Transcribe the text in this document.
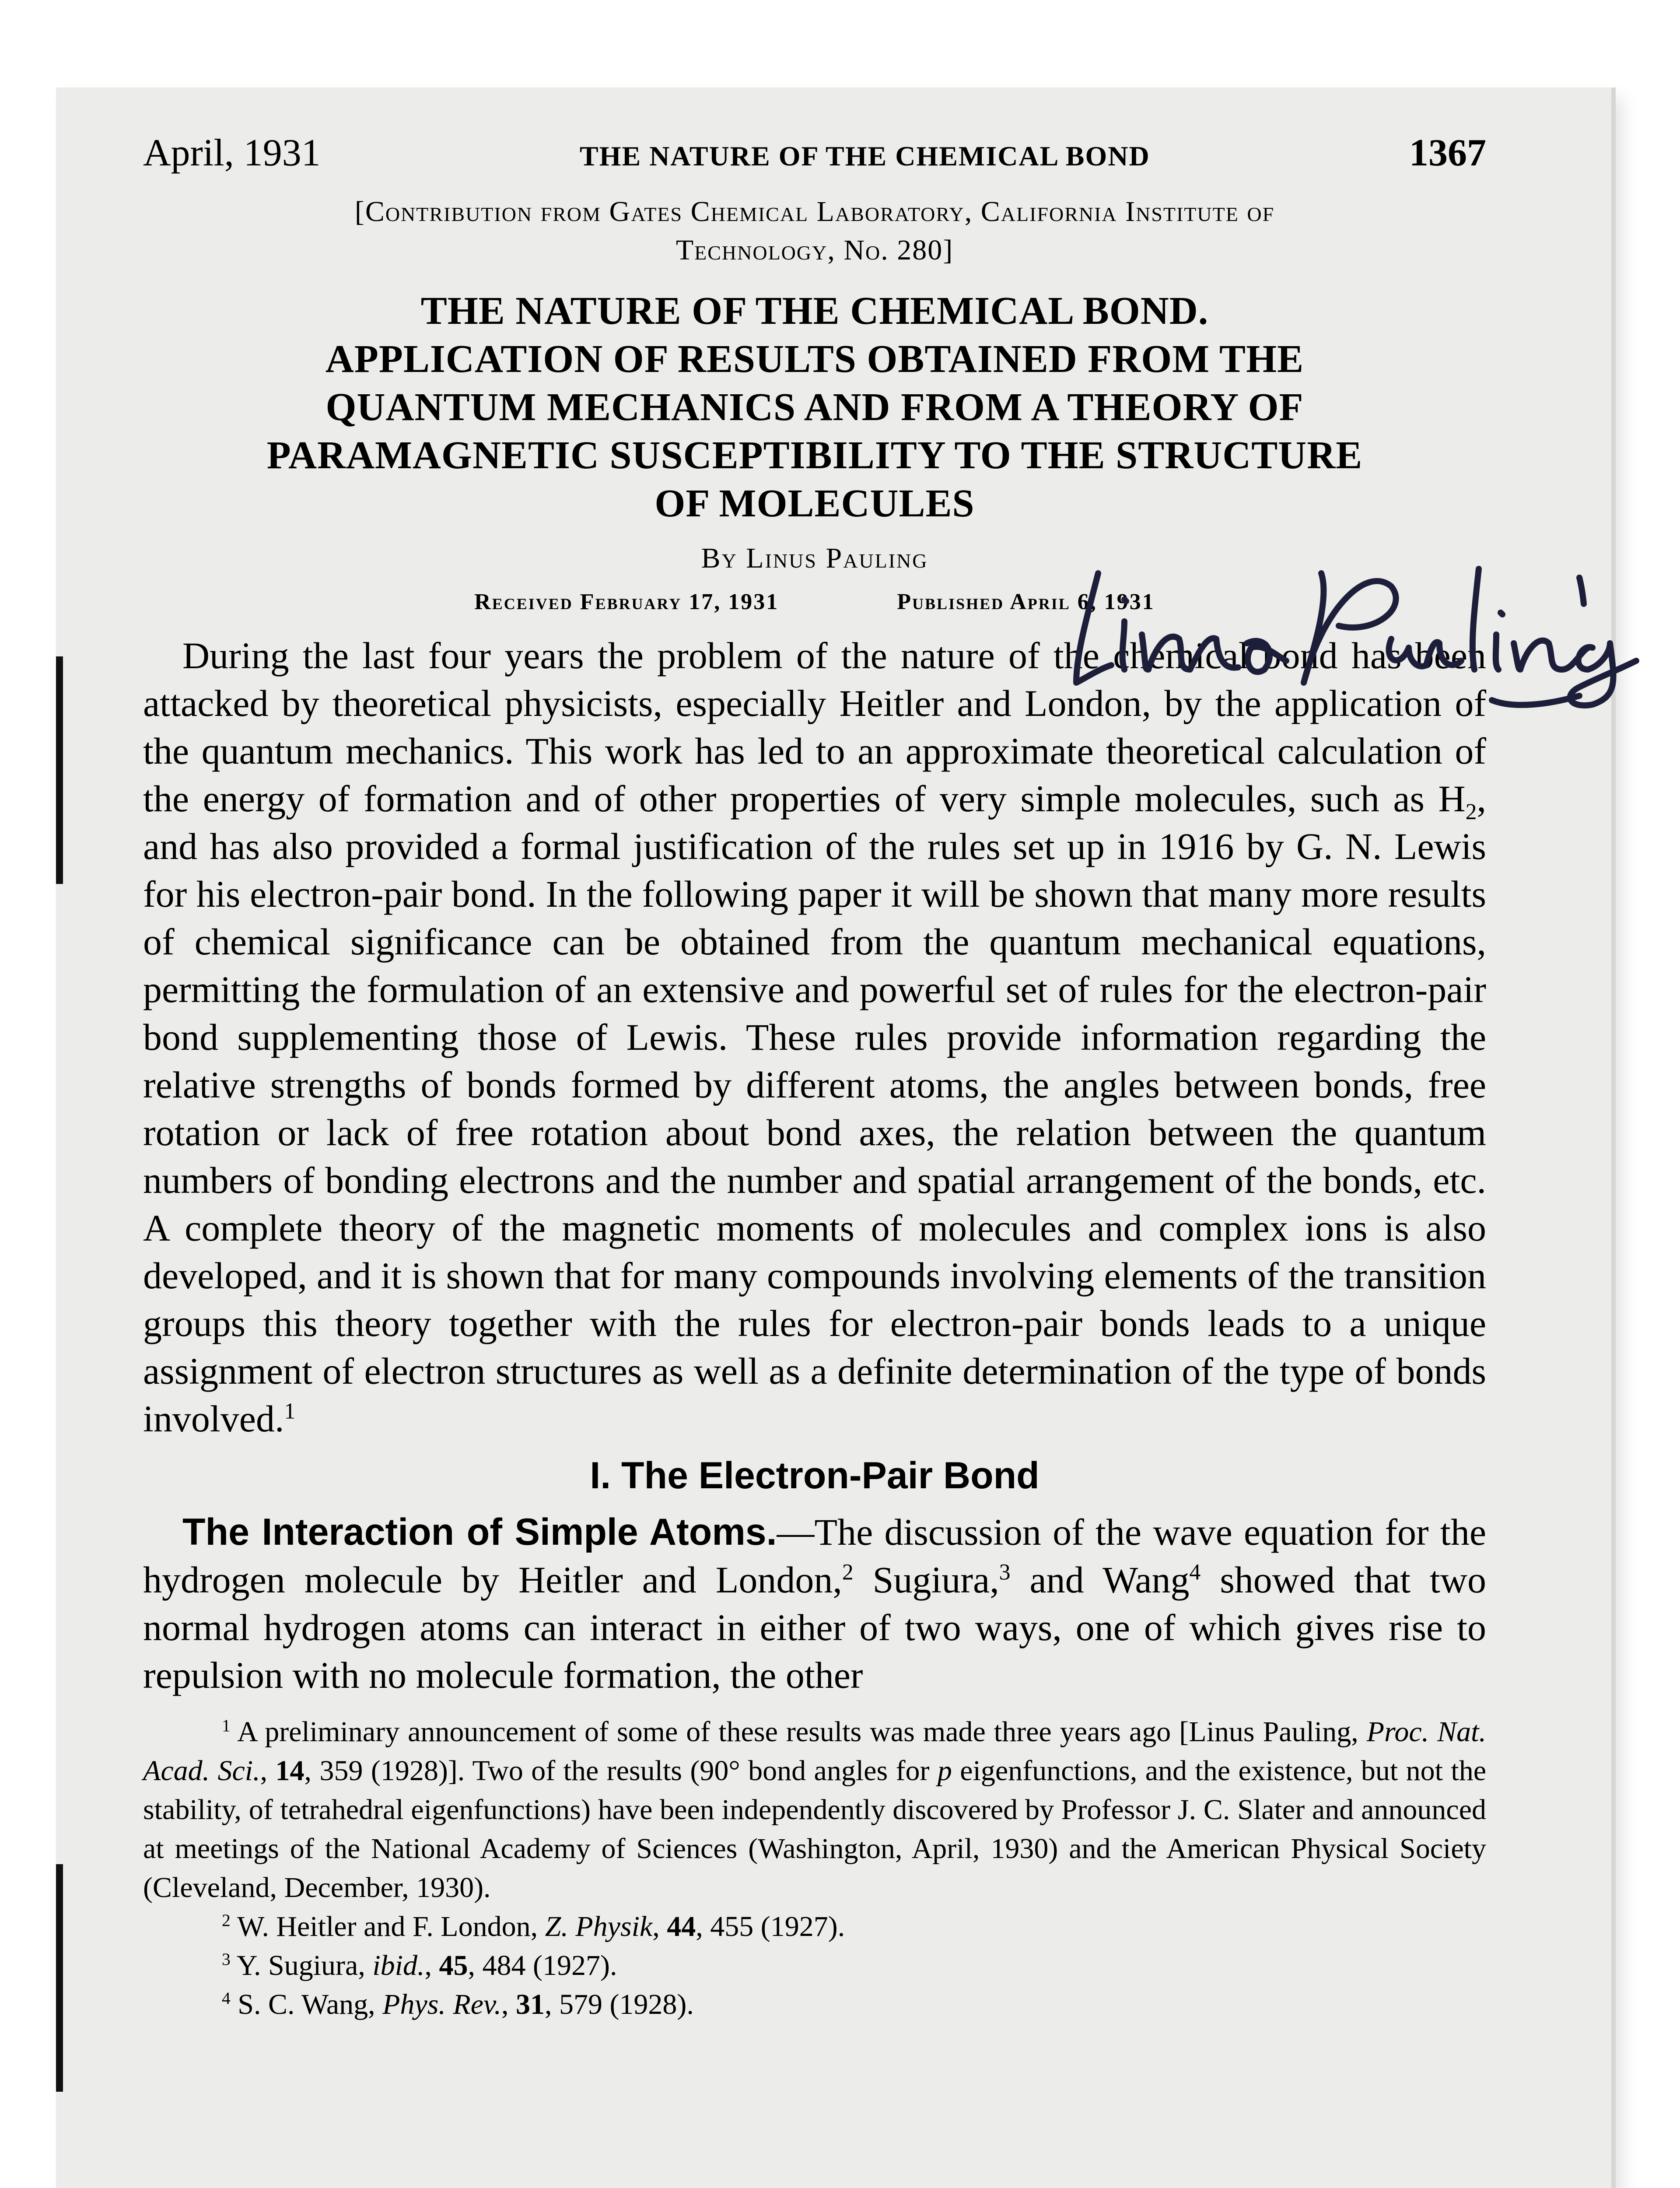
April, 1931	THE NATURE OF THE CHEMICAL BOND	1367
[Contribution from Gates Chemical Laboratory, California Institute of
Technology, No. 280]
THE NATURE OF THE CHEMICAL BOND.
APPLICATION OF RESULTS OBTAINED FROM THE
QUANTUM MECHANICS AND FROM A THEORY OF
PARAMAGNETIC SUSCEPTIBILITY TO THE STRUCTURE
OF MOLECULES
By Linus Pauling
Received February 17, 1931	Published April 6, 1931

During the last four years the problem of the nature of the chemical bond has been attacked by theoretical physicists, especially Heitler and London, by the application of the quantum mechanics. This work has led to an approximate theoretical calculation of the energy of formation and of other properties of very simple molecules, such as $H_2$, and has also provided a formal justification of the rules set up in 1916 by G. N. Lewis for his electron-pair bond. In the following paper it will be shown that many more results of chemical significance can be obtained from the quantum mechanical equations, permitting the formulation of an extensive and powerful set of rules for the electron-pair bond supplementing those of Lewis. These rules provide information regarding the relative strengths of bonds formed by different atoms, the angles between bonds, free rotation or lack of free rotation about bond axes, the relation between the quantum numbers of bonding electrons and the number and spatial arrangement of the bonds, etc. A complete theory of the magnetic moments of molecules and complex ions is also developed, and it is shown that for many compounds involving elements of the transition groups this theory together with the rules for electron-pair bonds leads to a unique assignment of electron structures as well as a definite determination of the type of bonds involved.$^1$

I. The Electron-Pair Bond

The Interaction of Simple Atoms.—The discussion of the wave equation for the hydrogen molecule by Heitler and London,$^2$ Sugiura,$^3$ and Wang$^4$ showed that two normal hydrogen atoms can interact in either of two ways, one of which gives rise to repulsion with no molecule formation, the other

$^1$ A preliminary announcement of some of these results was made three years ago [Linus Pauling, Proc. Nat. Acad. Sci., 14, 359 (1928)]. Two of the results (90° bond angles for p eigenfunctions, and the existence, but not the stability, of tetrahedral eigenfunctions) have been independently discovered by Professor J. C. Slater and announced at meetings of the National Academy of Sciences (Washington, April, 1930) and the American Physical Society (Cleveland, December, 1930).

$^2$ W. Heitler and F. London, Z. Physik, 44, 455 (1927).

$^3$ Y. Sugiura, ibid., 45, 484 (1927).

$^4$ S. C. Wang, Phys. Rev., 31, 579 (1928).
